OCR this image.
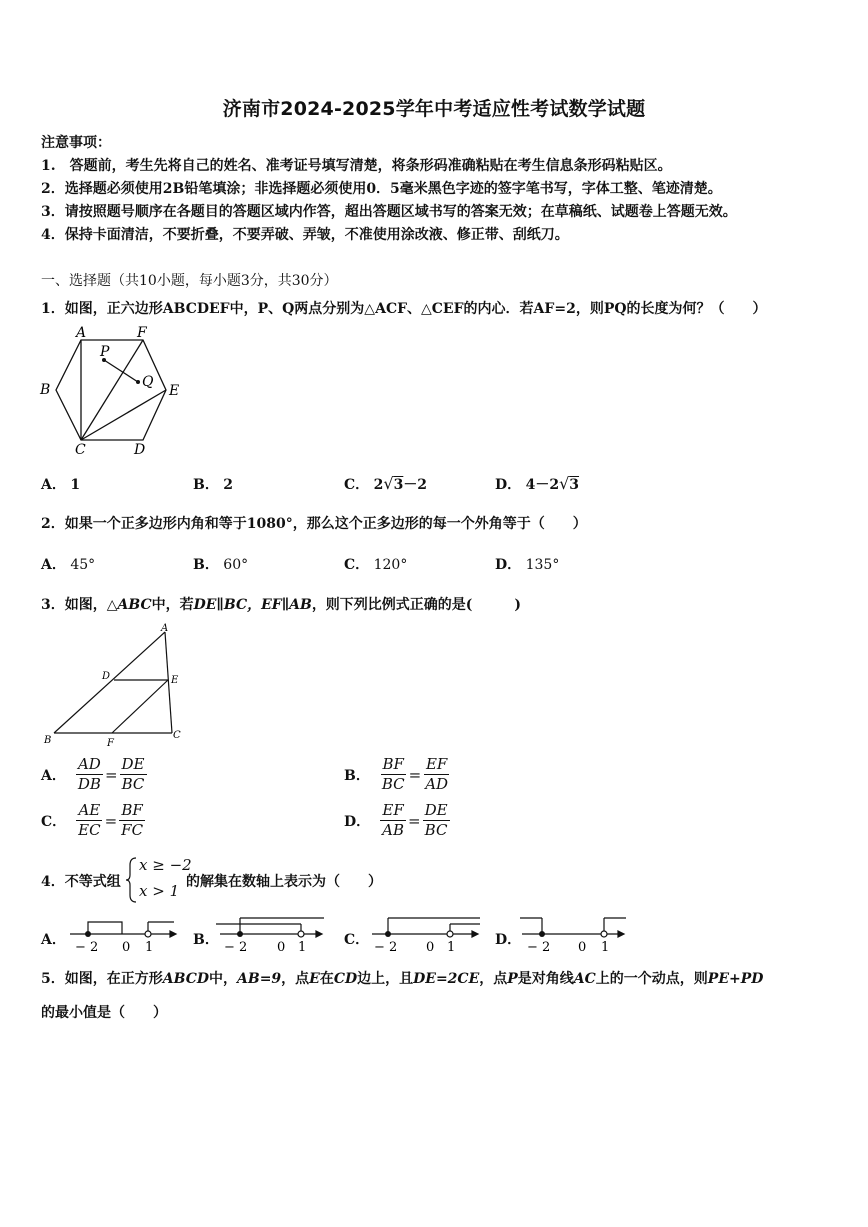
济南市2024-2025学年中考适应性考试数学试题
注意事项：
1.　答题前，考生先将自己的姓名、准考证号填写清楚，将条形码准确粘贴在考生信息条形码粘贴区。
2．选择题必须使用2B铅笔填涂；非选择题必须使用0．5毫米黑色字迹的签字笔书写，字体工整、笔迹清楚。
3．请按照题号顺序在各题目的答题区域内作答，超出答题区域书写的答案无效；在草稿纸、试题卷上答题无效。
4．保持卡面清洁，不要折叠，不要弄破、弄皱，不准使用涂改液、修正带、刮纸刀。
一、选择题（共10小题，每小题3分，共30分）
1．如图，正六边形ABCDEF中，P、Q两点分别为△ACF、△CEF的内心．若AF=2，则PQ的长度为何？（　　）
A	F
P
Q
B	E
C	D
A． 1	B． 2	C． 2√3－2	D． 4－2√3
2．如果一个正多边形内角和等于1080°，那么这个正多边形的每一个外角等于（　　）
A． 45°	B． 60°	C． 120°	D． 135°
3．如图，△ABC中，若DE∥BC，EF∥AB，则下列比例式正确的是(　　　)
A
D	E
B	F
C
A． $\frac{AD}{DB} = \frac{DE}{BC}$	B． $\frac{BF}{BC} = \frac{EF}{AD}$
C． $\frac{AE}{EC} = \frac{BF}{FC}$	D． $\frac{EF}{AB} = \frac{DE}{BC}$
4．不等式组
x ≥ −2
x > 1 的解集在数轴上表示为（　　）
A． − 2 0 1	B． − 2 0 1	C． − 2 0 1	D． − 2 0 1
5．如图，在正方形ABCD中，AB=9，点E在CD边上，且DE=2CE，点P是对角线AC上的一个动点，则PE+PD
的最小值是（　　）
